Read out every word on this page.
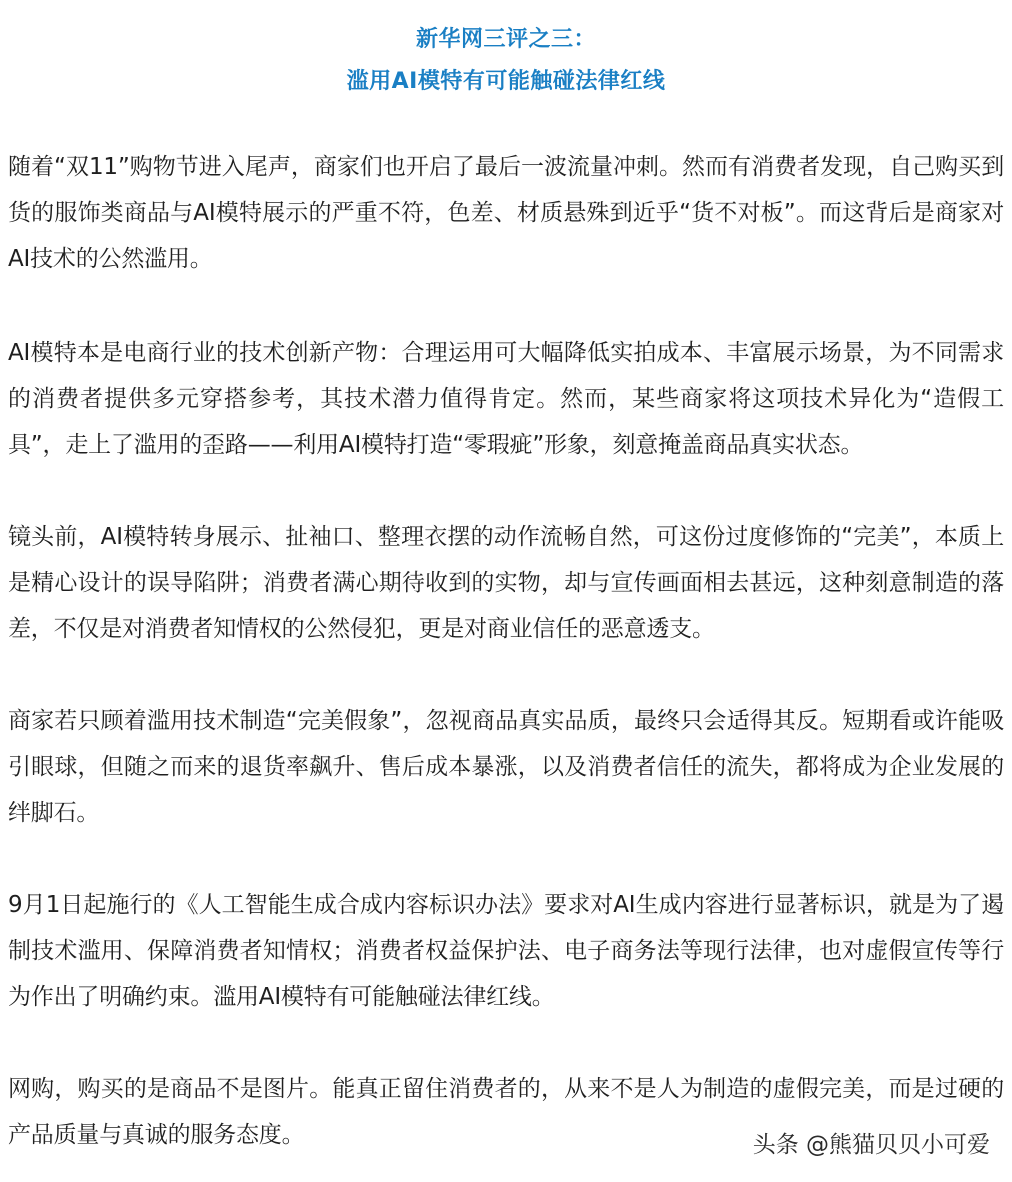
新华网三评之三：
滥用AI模特有可能触碰法律红线

随着“双11”购物节进入尾声，商家们也开启了最后一波流量冲刺。然而有消费者发现，自己购买到货的服饰类商品与AI模特展示的严重不符，色差、材质悬殊到近乎“货不对板”。而这背后是商家对AI技术的公然滥用。

AI模特本是电商行业的技术创新产物：合理运用可大幅降低实拍成本、丰富展示场景，为不同需求的消费者提供多元穿搭参考，其技术潜力值得肯定。然而，某些商家将这项技术异化为“造假工具”，走上了滥用的歪路——利用AI模特打造“零瑕疵”形象，刻意掩盖商品真实状态。

镜头前，AI模特转身展示、扯袖口、整理衣摆的动作流畅自然，可这份过度修饰的“完美”，本质上是精心设计的误导陷阱；消费者满心期待收到的实物，却与宣传画面相去甚远，这种刻意制造的落差，不仅是对消费者知情权的公然侵犯，更是对商业信任的恶意透支。

商家若只顾着滥用技术制造“完美假象”，忽视商品真实品质，最终只会适得其反。短期看或许能吸引眼球，但随之而来的退货率飙升、售后成本暴涨，以及消费者信任的流失，都将成为企业发展的绊脚石。

9月1日起施行的《人工智能生成合成内容标识办法》要求对AI生成内容进行显著标识，就是为了遏制技术滥用、保障消费者知情权；消费者权益保护法、电子商务法等现行法律，也对虚假宣传等行为作出了明确约束。滥用AI模特有可能触碰法律红线。

网购，购买的是商品不是图片。能真正留住消费者的，从来不是人为制造的虚假完美，而是过硬的产品质量与真诚的服务态度。	头条 @熊猫贝贝小可爱
